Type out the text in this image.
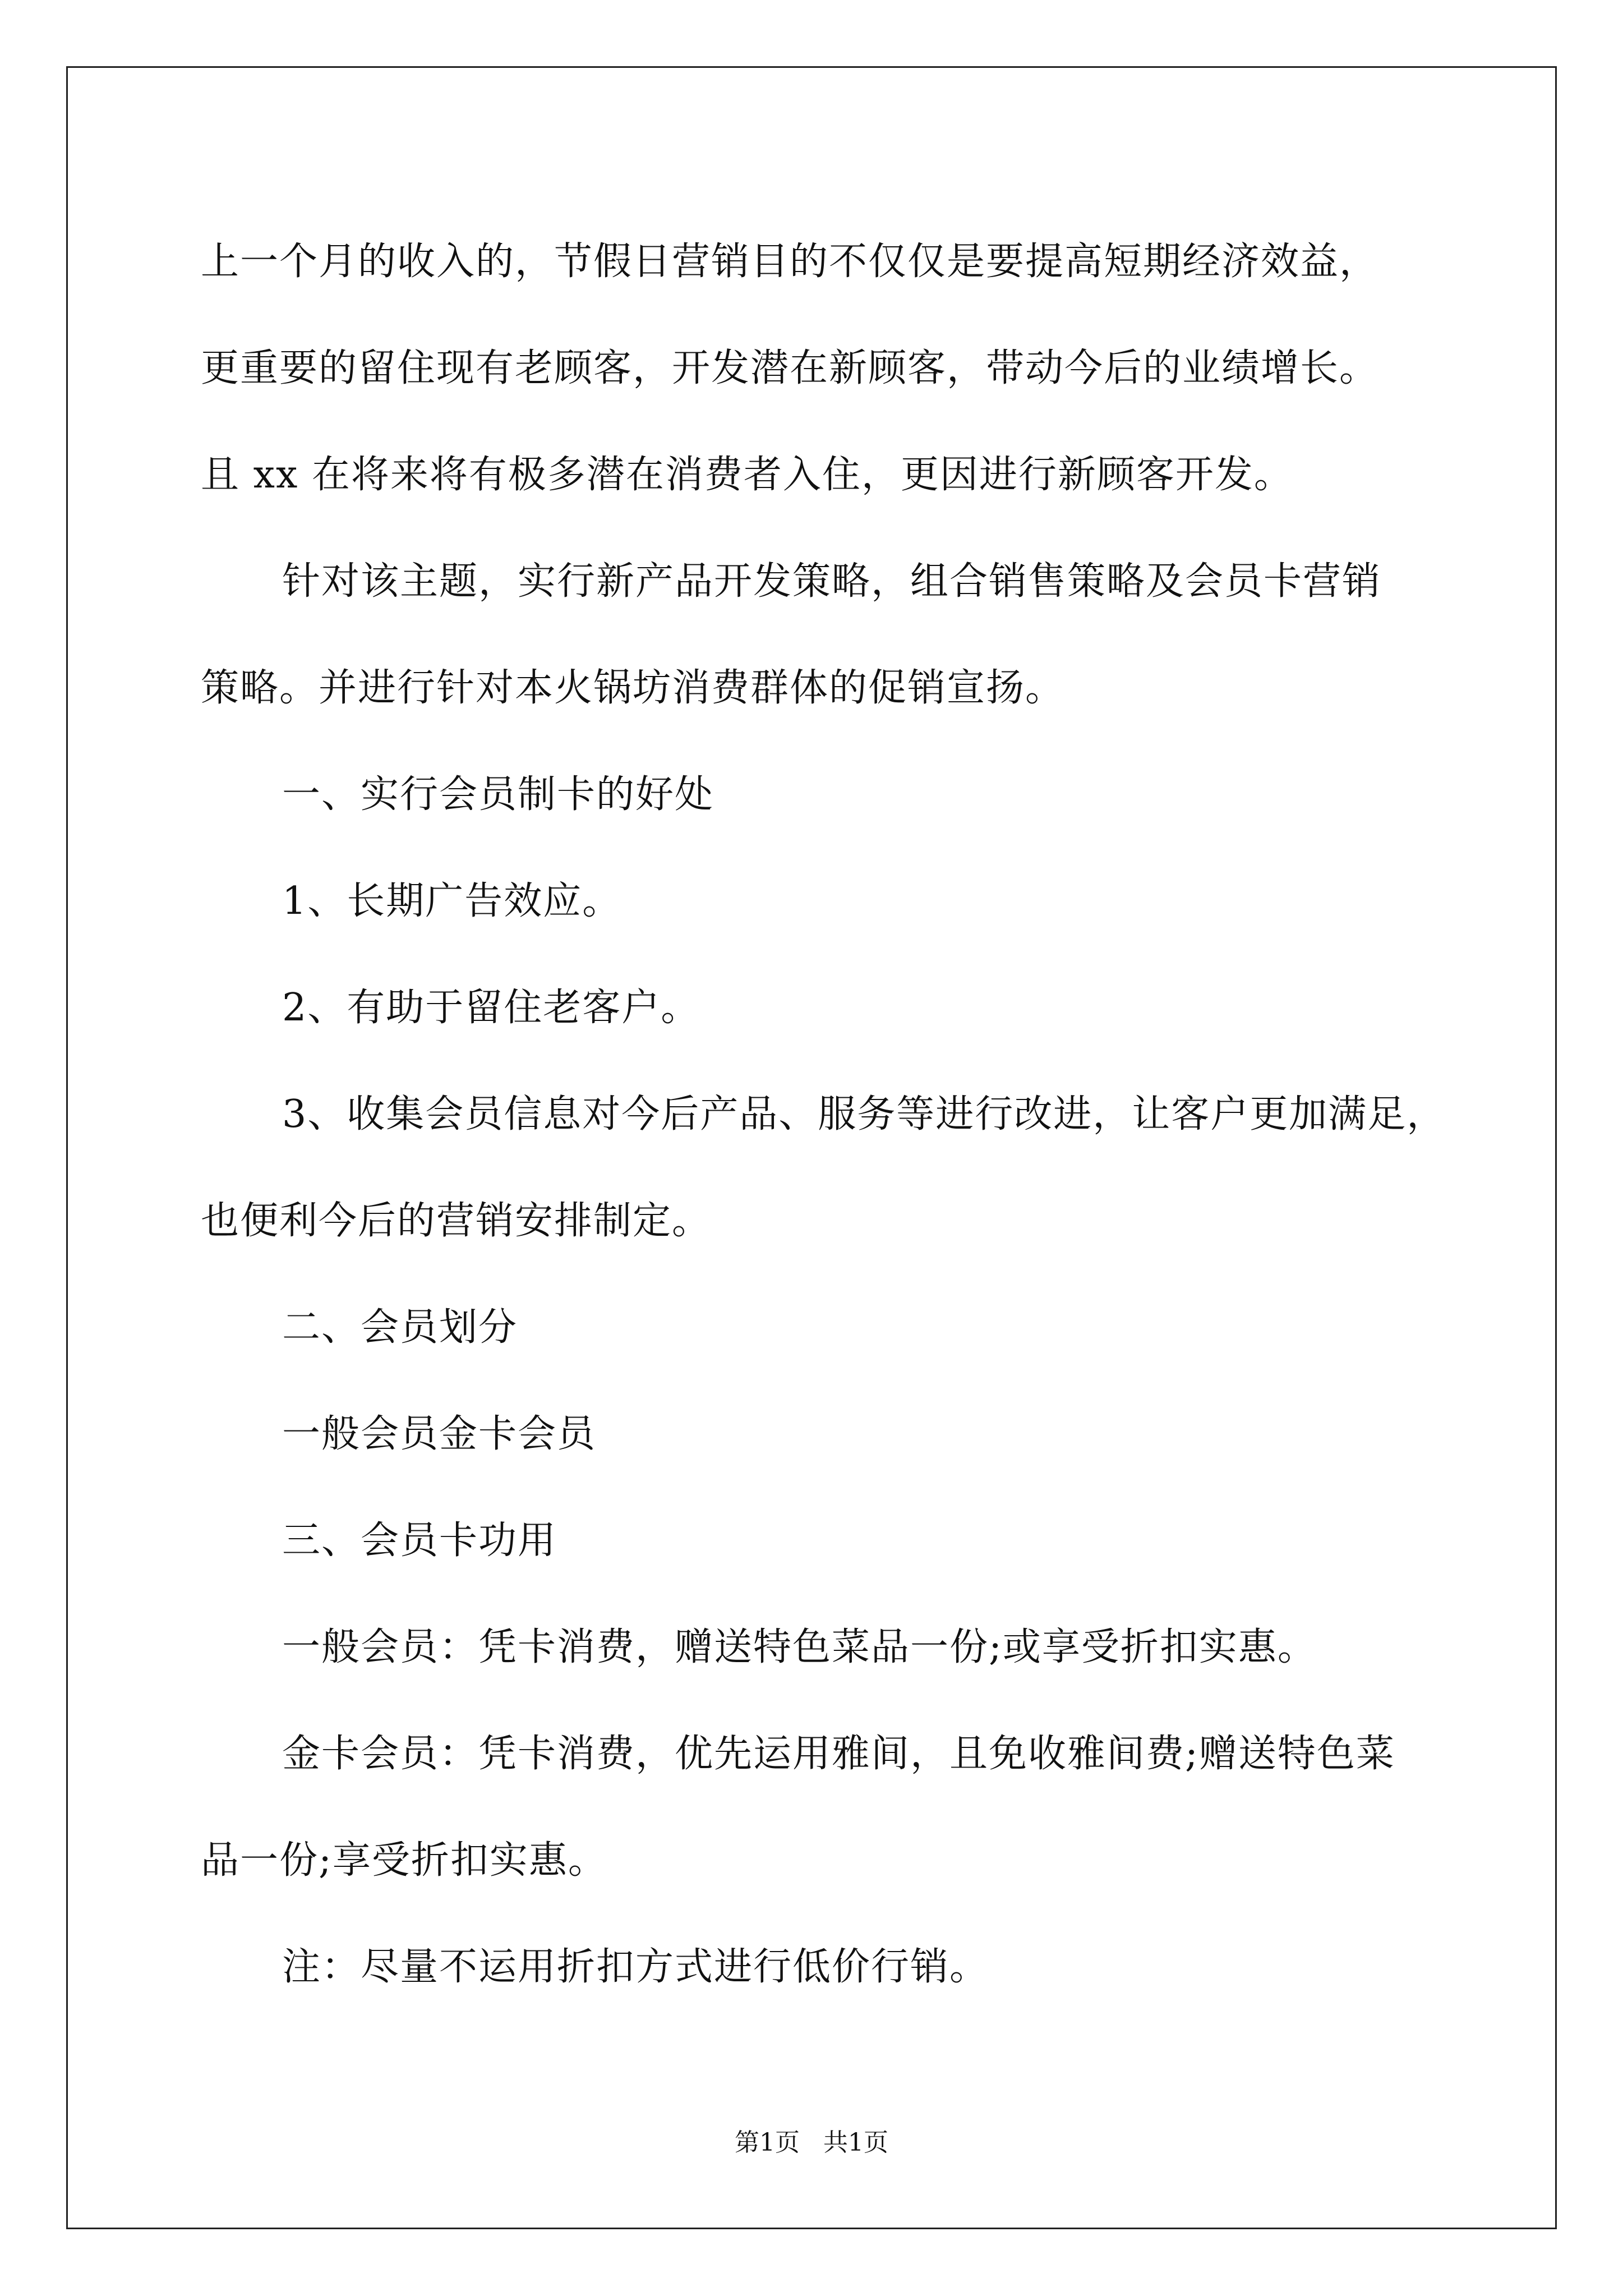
上一个月的收入的，节假日营销目的不仅仅是要提高短期经济效益，
更重要的留住现有老顾客，开发潜在新顾客，带动今后的业绩增长。
且 xx 在将来将有极多潜在消费者入住，更因进行新顾客开发。
针对该主题，实行新产品开发策略，组合销售策略及会员卡营销
策略。并进行针对本火锅坊消费群体的促销宣扬。
一、实行会员制卡的好处
1、长期广告效应。
2、有助于留住老客户。
3、收集会员信息对今后产品、服务等进行改进，让客户更加满足，
也便利今后的营销安排制定。
二、会员划分
一般会员金卡会员
三、会员卡功用
一般会员：凭卡消费，赠送特色菜品一份;或享受折扣实惠。
金卡会员：凭卡消费，优先运用雅间，且免收雅间费;赠送特色菜
品一份;享受折扣实惠。
注：尽量不运用折扣方式进行低价行销。
第1页   共1页
